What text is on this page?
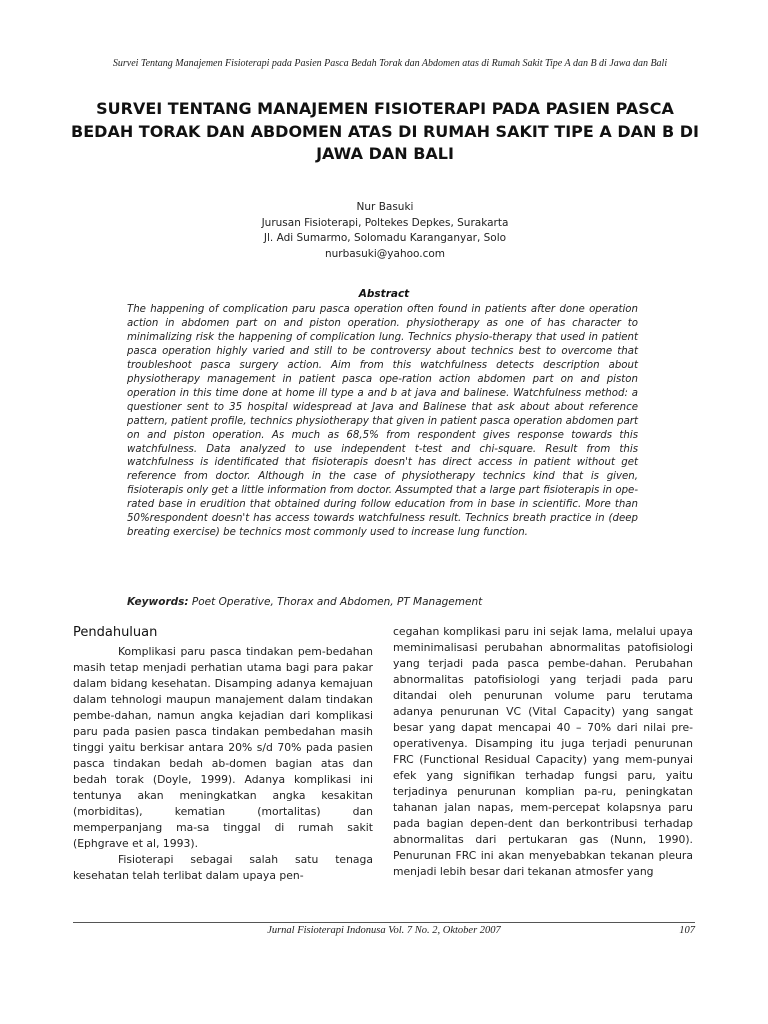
Survei Tentang Manajemen Fisioterapi pada Pasien Pasca Bedah Torak dan Abdomen atas di Rumah Sakit Tipe A dan B di Jawa dan Bali
SURVEI TENTANG MANAJEMEN FISIOTERAPI PADA PASIEN PASCA BEDAH TORAK DAN ABDOMEN ATAS DI RUMAH SAKIT TIPE A DAN B DI JAWA DAN BALI
Nur Basuki
Jurusan Fisioterapi, Poltekes Depkes, Surakarta
Jl. Adi Sumarmo, Solomadu Karanganyar, Solo
nurbasuki@yahoo.com
Abstract
The happening of complication paru pasca operation often found in patients after done operation action in abdomen part on and piston operation. physiotherapy as one of has character to minimalizing risk the happening of complication lung. Technics physio-therapy that used in patient pasca operation highly varied and still to be controversy about technics best to overcome that troubleshoot pasca surgery action. Aim from this watchfulness detects description about physiotherapy management in patient pasca ope-ration action abdomen part on and piston operation in this time done at home ill type a and b at java and balinese. Watchfulness method: a questioner sent to 35 hospital widespread at Java and Balinese that ask about about reference pattern, patient profile, technics physiotherapy that given in patient pasca operation abdomen part on and piston operation. As much as 68,5% from respondent gives response towards this watchfulness. Data analyzed to use independent t-test and chi-square. Result from this watchfulness is identificated that fisioterapis doesn't has direct access in patient without get reference from doctor. Although in the case of physiotherapy technics kind that is given, fisioterapis only get a little information from doctor. Assumpted that a large part fisioterapis in ope-rated base in erudition that obtained during follow education from in base in scientific. More than 50%respondent doesn't has access towards watchfulness result. Technics breath practice in (deep breating exercise) be technics most commonly used to increase lung function.
Keywords: Poet Operative, Thorax and Abdomen, PT Management
Pendahuluan

Komplikasi paru pasca tindakan pem-bedahan masih tetap menjadi perhatian utama bagi para pakar dalam bidang kesehatan. Disamping adanya kemajuan dalam tehnologi maupun manajement dalam tindakan pembe-dahan, namun angka kejadian dari komplikasi paru pada pasien pasca tindakan pembedahan masih tinggi yaitu berkisar antara 20% s/d 70% pada pasien pasca tindakan bedah ab-domen bagian atas dan bedah torak (Doyle, 1999). Adanya komplikasi ini tentunya akan meningkatkan angka kesakitan (morbiditas), kematian (mortalitas) dan memperpanjang ma-sa tinggal di rumah sakit (Ephgrave et al, 1993).

Fisioterapi sebagai salah satu tenaga kesehatan telah terlibat dalam upaya pen-

cegahan komplikasi paru ini sejak lama, melalui upaya meminimalisasi perubahan abnormalitas patofisiologi yang terjadi pada pasca pembe-dahan. Perubahan abnormalitas patofisiologi yang terjadi pada paru ditandai oleh penurunan volume paru terutama adanya penurunan VC (Vital Capacity) yang sangat besar yang dapat mencapai 40 – 70% dari nilai pre-operativenya. Disamping itu juga terjadi penurunan FRC (Functional Residual Capacity) yang mem-punyai efek yang signifikan terhadap fungsi paru, yaitu terjadinya penurunan komplian pa-ru, peningkatan tahanan jalan napas, mem-percepat kolapsnya paru pada bagian depen-dent dan berkontribusi terhadap abnormalitas dari pertukaran gas (Nunn, 1990). Penurunan FRC ini akan menyebabkan tekanan pleura menjadi lebih besar dari tekanan atmosfer yang

Jurnal Fisioterapi Indonusa Vol. 7 No. 2, Oktober 2007	107
